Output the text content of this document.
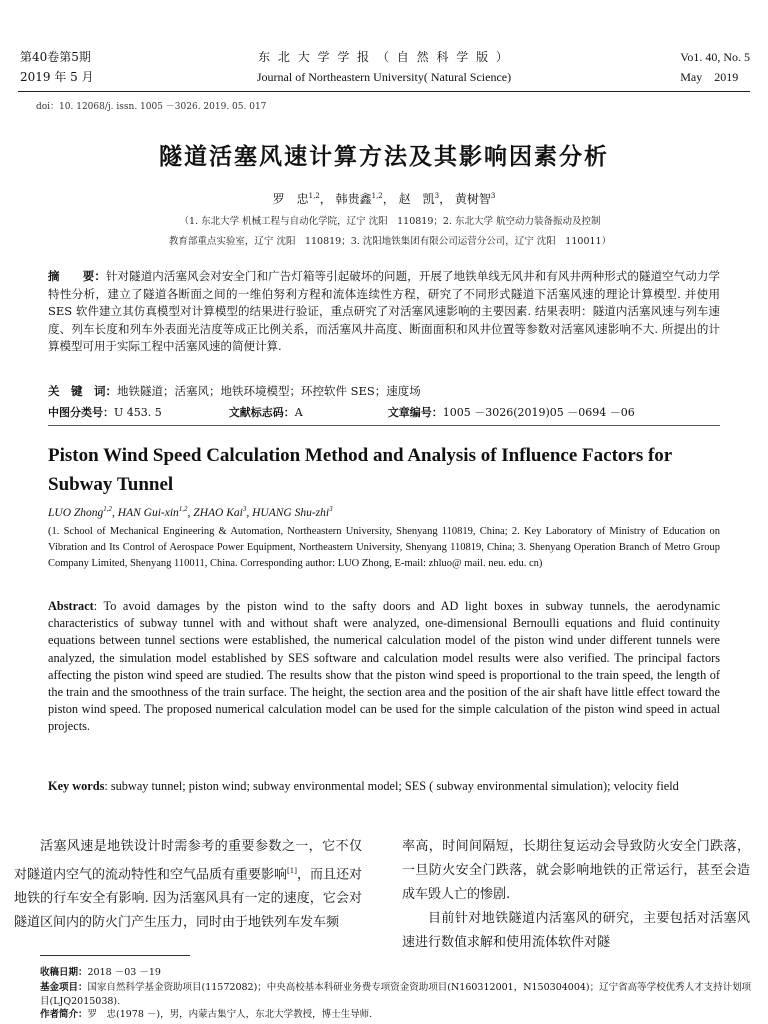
第40卷第5期
2019 年 5 月
东 北 大 学 学 报 （ 自 然 科 学 版 ）
Journal of Northeastern University( Natural Science)
Vo1. 40, No. 5
May    2019
doi：10. 12068/j. issn. 1005 －3026. 2019. 05. 017
隧道活塞风速计算方法及其影响因素分析
罗　忠$^{1,2}$， 韩贵鑫$^{1,2}$， 赵　凯$^3$， 黄树智$^3$
（1. 东北大学 机械工程与自动化学院，辽宁 沈阳　110819；2. 东北大学 航空动力装备振动及控制
教育部重点实验室，辽宁 沈阳　110819；3. 沈阳地铁集团有限公司运营分公司，辽宁 沈阳　110011）
摘　　要：针对隧道内活塞风会对安全门和广告灯箱等引起破坏的问题，开展了地铁单线无风井和有风井两种形式的隧道空气动力学特性分析，建立了隧道各断面之间的一维伯努利方程和流体连续性方程，研究了不同形式隧道下活塞风速的理论计算模型. 并使用 SES 软件建立其仿真模型对计算模型的结果进行验证，重点研究了对活塞风速影响的主要因素. 结果表明：隧道内活塞风速与列车速度、列车长度和列车外表面光洁度等成正比例关系，而活塞风井高度、断面面积和风井位置等参数对活塞风速影响不大. 所提出的计算模型可用于实际工程中活塞风速的简便计算.
关　键　词：地铁隧道；活塞风；地铁环境模型；环控软件 SES；速度场
中图分类号：U 453. 5	文献标志码：A	文章编号：1005 －3026(2019)05 －0694 －06
Piston Wind Speed Calculation Method and Analysis of Influence Factors for Subway Tunnel
LUO Zhong$^{1,2}$, HAN Gui-xin$^{1,2}$, ZHAO Kai$^3$, HUANG Shu-zhi$^3$
(1. School of Mechanical Engineering & Automation, Northeastern University, Shenyang 110819, China; 2. Key Laboratory of Ministry of Education on Vibration and Its Control of Aerospace Power Equipment, Northeastern University, Shenyang 110819, China; 3. Shenyang Operation Branch of Metro Group Company Limited, Shenyang 110011, China. Corresponding author: LUO Zhong, E-mail: zhluo@ mail. neu. edu. cn)
Abstract: To avoid damages by the piston wind to the safty doors and AD light boxes in subway tunnels, the aerodynamic characteristics of subway tunnel with and without shaft were analyzed, one-dimensional Bernoulli equations and fluid continuity equations between tunnel sections were established, the numerical calculation model of the piston wind under different tunnels were analyzed, the simulation model established by SES software and calculation model results were also verified. The principal factors affecting the piston wind speed are studied. The results show that the piston wind speed is proportional to the train speed, the length of the train and the smoothness of the train surface. The height, the section area and the position of the air shaft have little effect toward the piston wind speed. The proposed numerical calculation model can be used for the simple calculation of the piston wind speed in actual projects.
Key words: subway tunnel; piston wind; subway environmental model; SES ( subway environmental simulation); velocity field
活塞风速是地铁设计时需参考的重要参数之一，它不仅对隧道内空气的流动特性和空气品质有重要影响[1]，而且还对地铁的行车安全有影响. 因为活塞风具有一定的速度，它会对隧道区间内的防火门产生压力，同时由于地铁列车发车频
率高，时间间隔短，长期往复运动会导致防火安全门跌落，一旦防火安全门跌落，就会影响地铁的正常运行，甚至会造成车毁人亡的惨剧.
目前针对地铁隧道内活塞风的研究，主要包括对活塞风速进行数值求解和使用流体软件对隧
收稿日期：2018 －03 －19
基金项目：国家自然科学基金资助项目(11572082)；中央高校基本科研业务费专项资金资助项目(N160312001，N150304004)；辽宁省高等学校优秀人才支持计划项目(LJQ2015038).
作者简介：罗　忠(1978 －)，男，内蒙古集宁人，东北大学教授，博士生导师.
